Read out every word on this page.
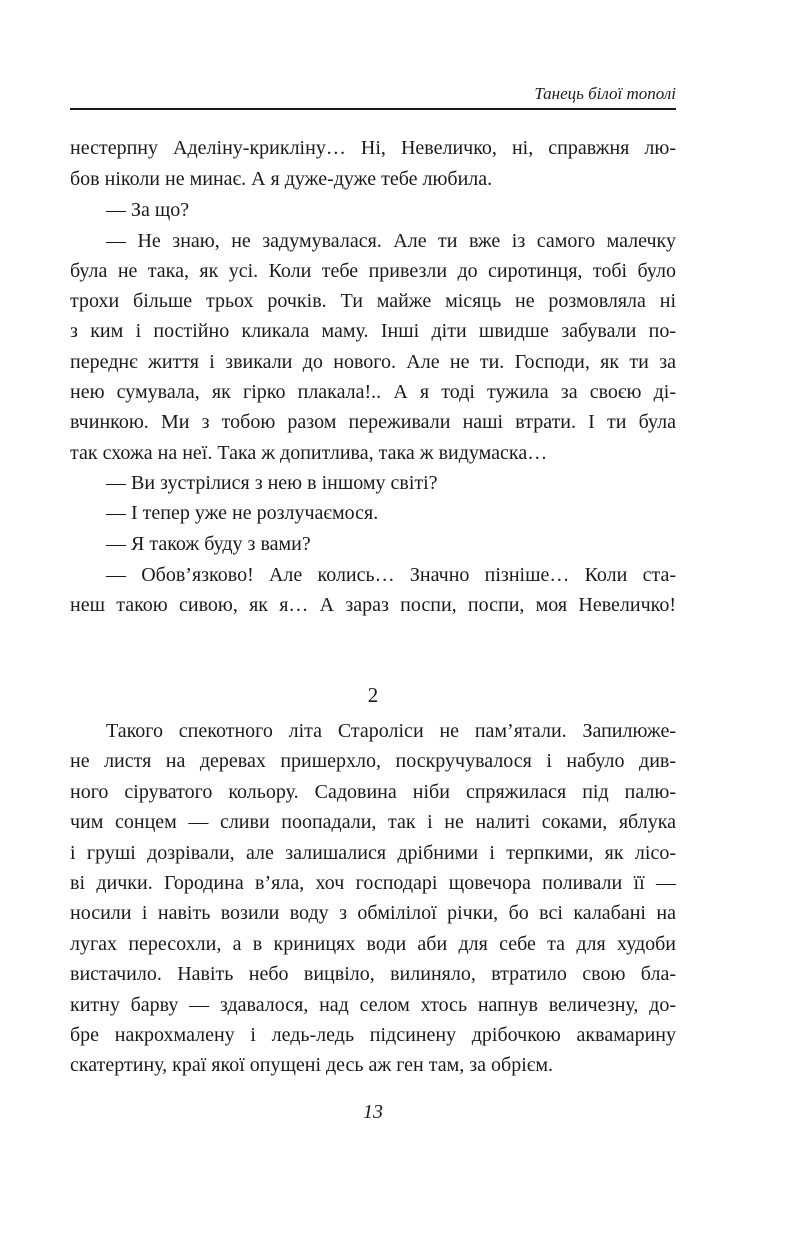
Танець білої тополі
нестерпну Аделіну-крикліну… Ні, Невеличко, ні, справжня лю-
бов ніколи не минає. А я дуже-дуже тебе любила.
— За що?
— Не знаю, не задумувалася. Але ти вже із самого малечку
була не така, як усі. Коли тебе привезли до сиротинця, тобі було
трохи більше трьох рочків. Ти майже місяць не розмовляла ні
з ким і постійно кликала маму. Інші діти швидше забували по-
переднє життя і звикали до нового. Але не ти. Господи, як ти за
нею сумувала, як гірко плакала!.. А я тоді тужила за своєю ді-
вчинкою. Ми з тобою разом переживали наші втрати. І ти була
так схожа на неї. Така ж допитлива, така ж видумаска…
— Ви зустрілися з нею в іншому світі?
— І тепер уже не розлучаємося.
— Я також буду з вами?
— Обов’язково! Але колись… Значно пізніше… Коли ста-
неш такою сивою, як я… А зараз поспи, поспи, моя Невеличко!
2
Такого спекотного літа Староліси не пам’ятали. Запилюже-
не листя на деревах пришерхло, поскручувалося і набуло див-
ного сіруватого кольору. Садовина ніби спряжилася під палю-
чим сонцем — сливи поопадали, так і не налиті соками, яблука
і груші дозрівали, але залишалися дрібними і терпкими, як лісо-
ві дички. Городина в’яла, хоч господарі щовечора поливали її —
носили і навіть возили воду з обмілілої річки, бо всі калабані на
лугах пересохли, а в криницях води аби для себе та для худоби
вистачило. Навіть небо вицвіло, вилиняло, втратило свою бла-
китну барву — здавалося, над селом хтось напнув величезну, до-
бре накрохмалену і ледь-ледь підсинену дрібочкою аквамарину
скатертину, краї якої опущені десь аж ген там, за обрієм.
13
